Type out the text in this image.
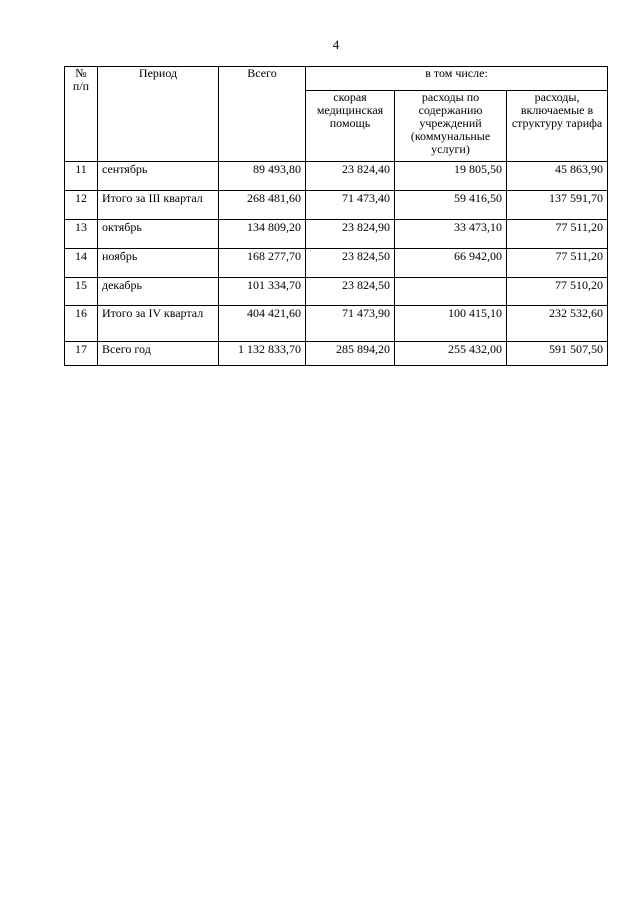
4
№ п/п	Период	Всего	в том числе:		
			скорая медицинская помощь	расходы по содержанию учреждений (коммунальные услуги)	расходы, включаемые в структуру тарифа
11	сентябрь	89 493,80	23 824,40	19 805,50	45 863,90
12	Итого за III квартал	268 481,60	71 473,40	59 416,50	137 591,70
13	октябрь	134 809,20	23 824,90	33 473,10	77 511,20
14	ноябрь	168 277,70	23 824,50	66 942,00	77 511,20
15	декабрь	101 334,70	23 824,50		77 510,20
16	Итого за IV квартал	404 421,60	71 473,90	100 415,10	232 532,60
17	Всего год	1 132 833,70	285 894,20	255 432,00	591 507,50
